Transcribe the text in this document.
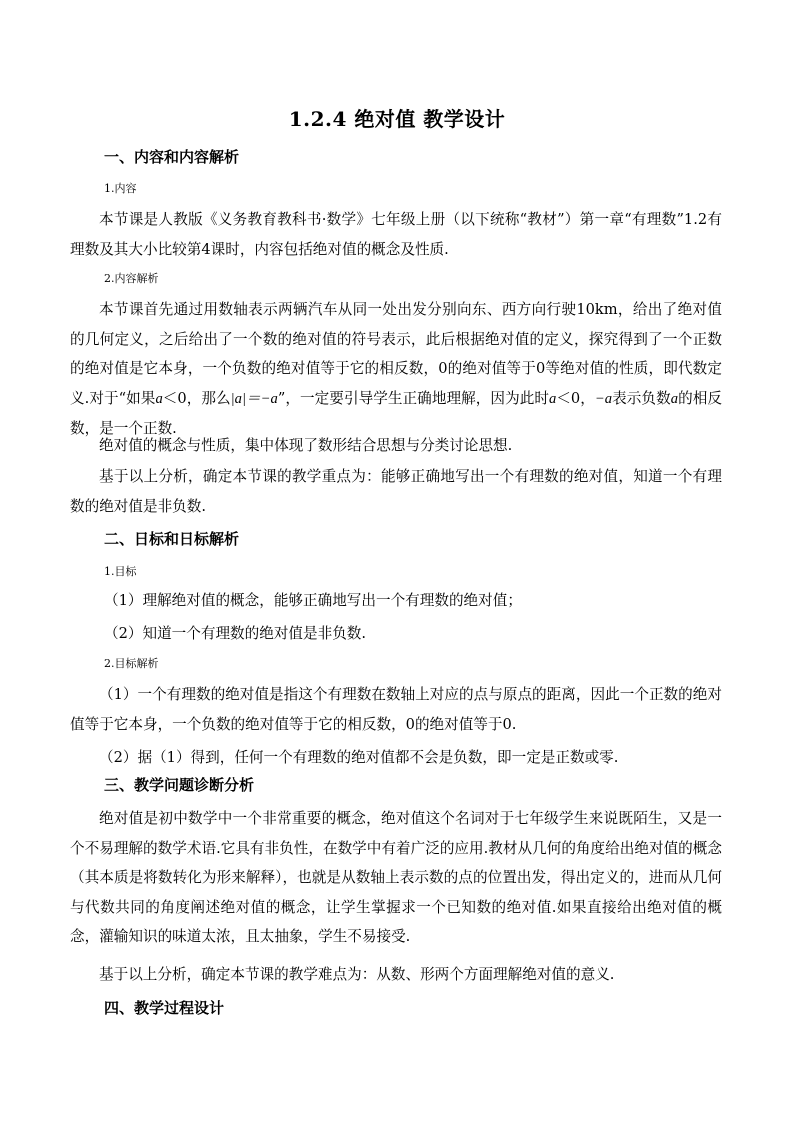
1.2.4 绝对值 教学设计
一、内容和内容解析
1.内容
本节课是人教版《义务教育教科书·数学》七年级上册（以下统称“教材”）第一章“有理数”1.2有理数及其大小比较第4课时，内容包括绝对值的概念及性质.
2.内容解析
本节课首先通过用数轴表示两辆汽车从同一处出发分别向东、西方向行驶10km，给出了绝对值的几何定义，之后给出了一个数的绝对值的符号表示，此后根据绝对值的定义，探究得到了一个正数的绝对值是它本身，一个负数的绝对值等于它的相反数，0的绝对值等于0等绝对值的性质，即代数定义.对于“如果a＜0，那么|a|＝−a”，一定要引导学生正确地理解，因为此时a＜0，−a表示负数a的相反数，是一个正数.
绝对值的概念与性质，集中体现了数形结合思想与分类讨论思想.
基于以上分析，确定本节课的教学重点为：能够正确地写出一个有理数的绝对值，知道一个有理数的绝对值是非负数.
二、日标和日标解析
1.目标
（1）理解绝对值的概念，能够正确地写出一个有理数的绝对值；
（2）知道一个有理数的绝对值是非负数.
2.目标解析
（1）一个有理数的绝对值是指这个有理数在数轴上对应的点与原点的距离，因此一个正数的绝对值等于它本身，一个负数的绝对值等于它的相反数，0的绝对值等于0.
（2）据（1）得到，任何一个有理数的绝对值都不会是负数，即一定是正数或零.
三、教学问题诊断分析
绝对值是初中数学中一个非常重要的概念，绝对值这个名词对于七年级学生来说既陌生，又是一个不易理解的数学术语.它具有非负性，在数学中有着广泛的应用.教材从几何的角度给出绝对值的概念（其本质是将数转化为形来解释），也就是从数轴上表示数的点的位置出发，得出定义的，进而从几何与代数共同的角度阐述绝对值的概念，让学生掌握求一个已知数的绝对值.如果直接给出绝对值的概念，灌输知识的味道太浓，且太抽象，学生不易接受.
基于以上分析，确定本节课的教学难点为：从数、形两个方面理解绝对值的意义.
四、教学过程设计
